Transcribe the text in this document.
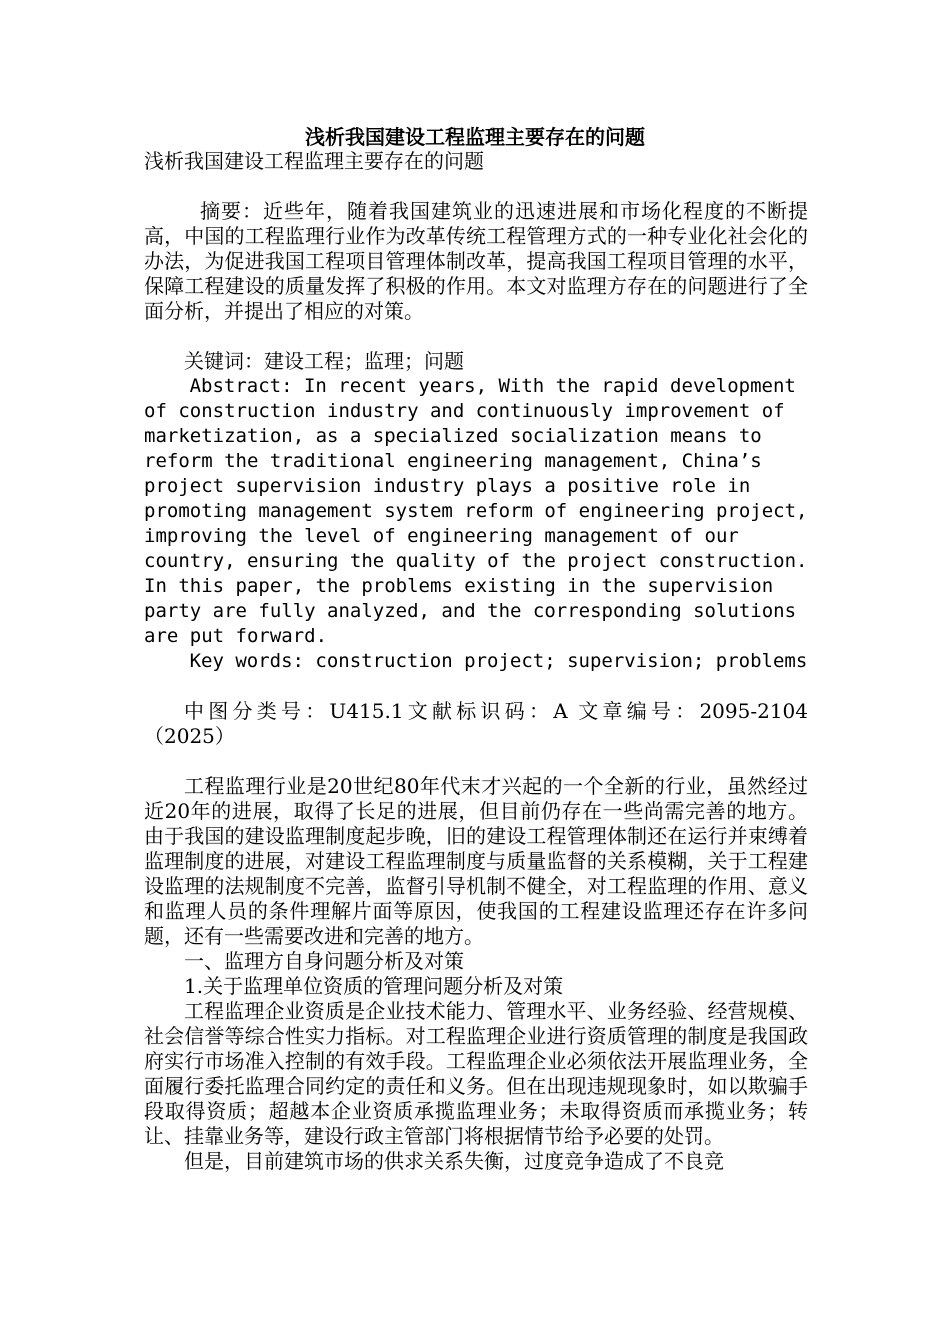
浅析我国建设工程监理主要存在的问题

浅析我国建设工程监理主要存在的问题

摘要：近些年，随着我国建筑业的迅速进展和市场化程度的不断提高，中国的工程监理行业作为改革传统工程管理方式的一种专业化社会化的办法，为促进我国工程项目管理体制改革，提高我国工程项目管理的水平，保障工程建设的质量发挥了积极的作用。本文对监理方存在的问题进行了全面分析，并提出了相应的对策。

关键词：建设工程；监理；问题

Abstract: In recent years, With the rapid development of construction industry and continuously improvement of marketization, as a specialized socialization means to reform the traditional engineering management, China’s project supervision industry plays a positive role in promoting management system reform of engineering project, improving the level of engineering management of our country, ensuring the quality of the project construction. In this paper, the problems existing in the supervision party are fully analyzed, and the corresponding solutions are put forward.

Key words: construction project; supervision; problems

中图分类号：U415.1文献标识码：A 文章编号：2095-2104（2025）

工程监理行业是20世纪80年代末才兴起的一个全新的行业，虽然经过近20年的进展，取得了长足的进展，但目前仍存在一些尚需完善的地方。由于我国的建设监理制度起步晚，旧的建设工程管理体制还在运行并束缚着监理制度的进展，对建设工程监理制度与质量监督的关系模糊，关于工程建设监理的法规制度不完善，监督引导机制不健全，对工程监理的作用、意义和监理人员的条件理解片面等原因，使我国的工程建设监理还存在许多问题，还有一些需要改进和完善的地方。

一、监理方自身问题分析及对策

1.关于监理单位资质的管理问题分析及对策

工程监理企业资质是企业技术能力、管理水平、业务经验、经营规模、社会信誉等综合性实力指标。对工程监理企业进行资质管理的制度是我国政府实行市场准入控制的有效手段。工程监理企业必须依法开展监理业务，全面履行委托监理合同约定的责任和义务。但在出现违规现象时，如以欺骗手段取得资质；超越本企业资质承揽监理业务；未取得资质而承揽业务；转让、挂靠业务等，建设行政主管部门将根据情节给予必要的处罚。

但是，目前建筑市场的供求关系失衡，过度竞争造成了不良竞
